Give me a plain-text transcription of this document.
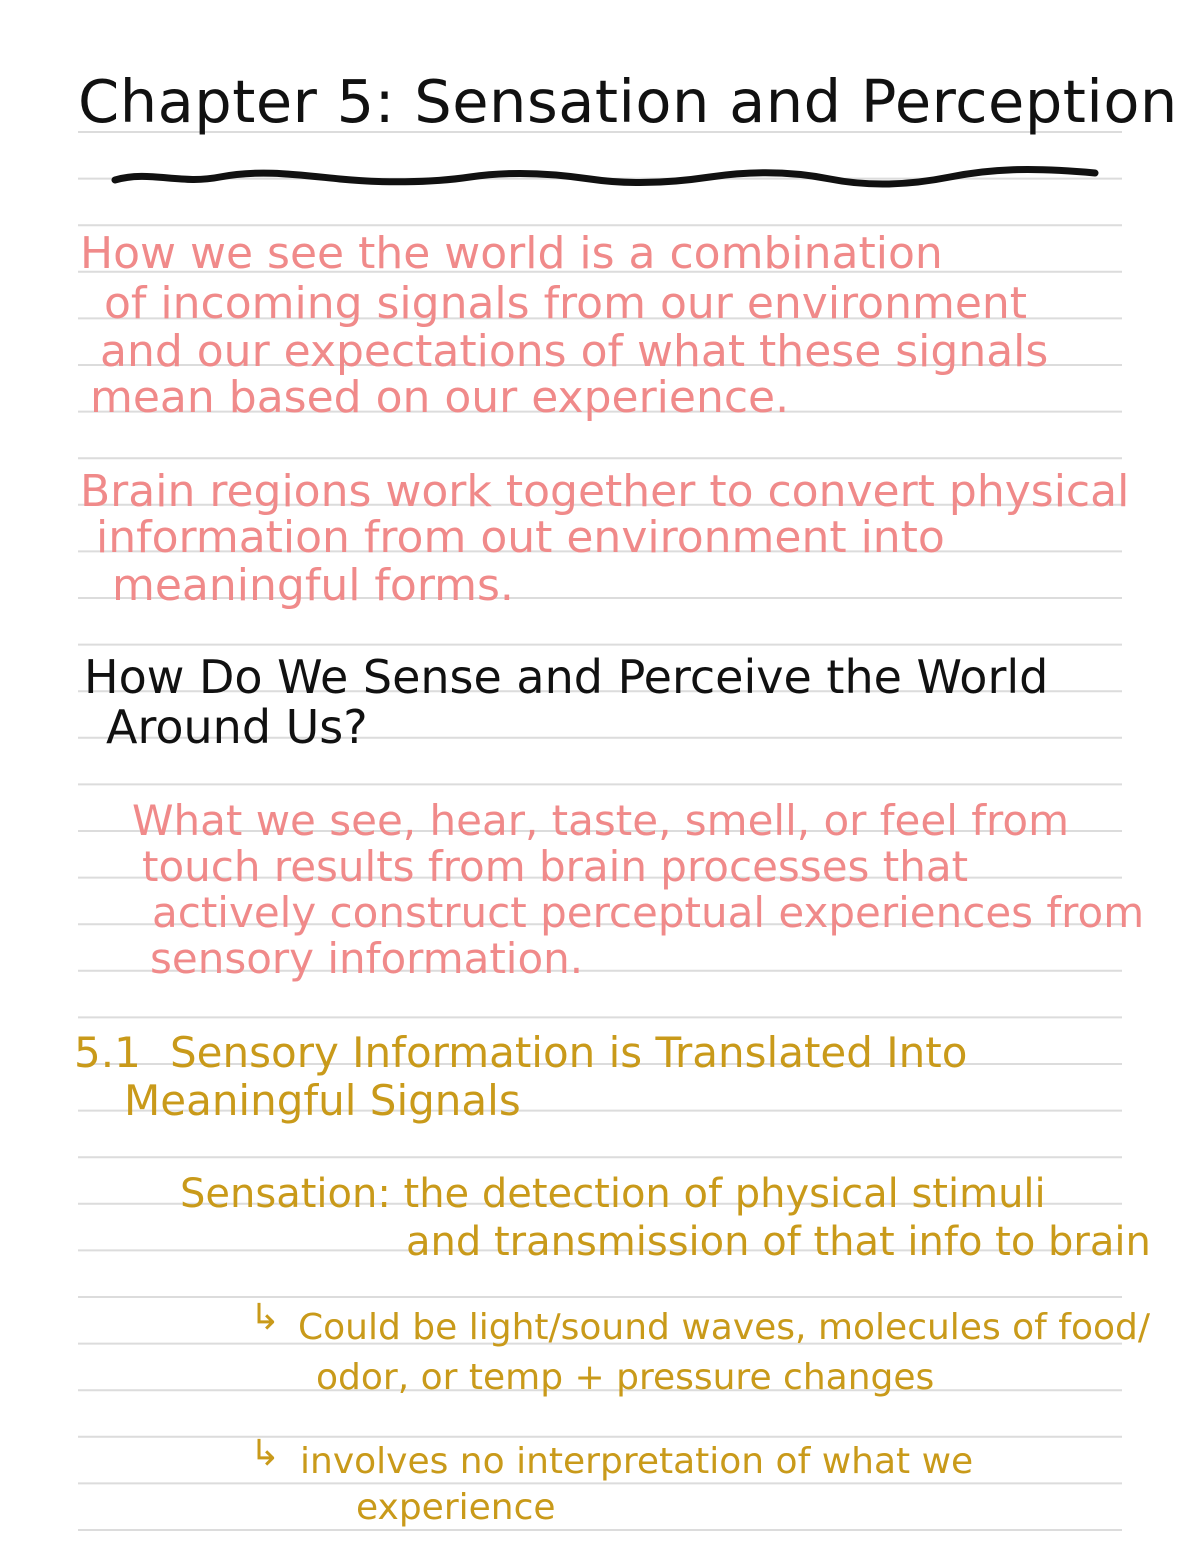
Chapter 5: Sensation and Perception
How we see the world is a combination
of incoming signals from our environment
and our expectations of what these signals
mean based on our experience.
Brain regions work together to convert physical
information from out environment into
meaningful forms.
How Do We Sense and Perceive the World
Around Us?
What we see, hear, taste, smell, or feel from
touch results from brain processes that
actively construct perceptual experiences from
sensory information.
5.1 Sensory Information is Translated Into
Meaningful Signals
Sensation: the detection of physical stimuli
and transmission of that info to brain
↳ Could be light/sound waves, molecules of food/
odor, or temp + pressure changes
↳ involves no interpretation of what we
experience
